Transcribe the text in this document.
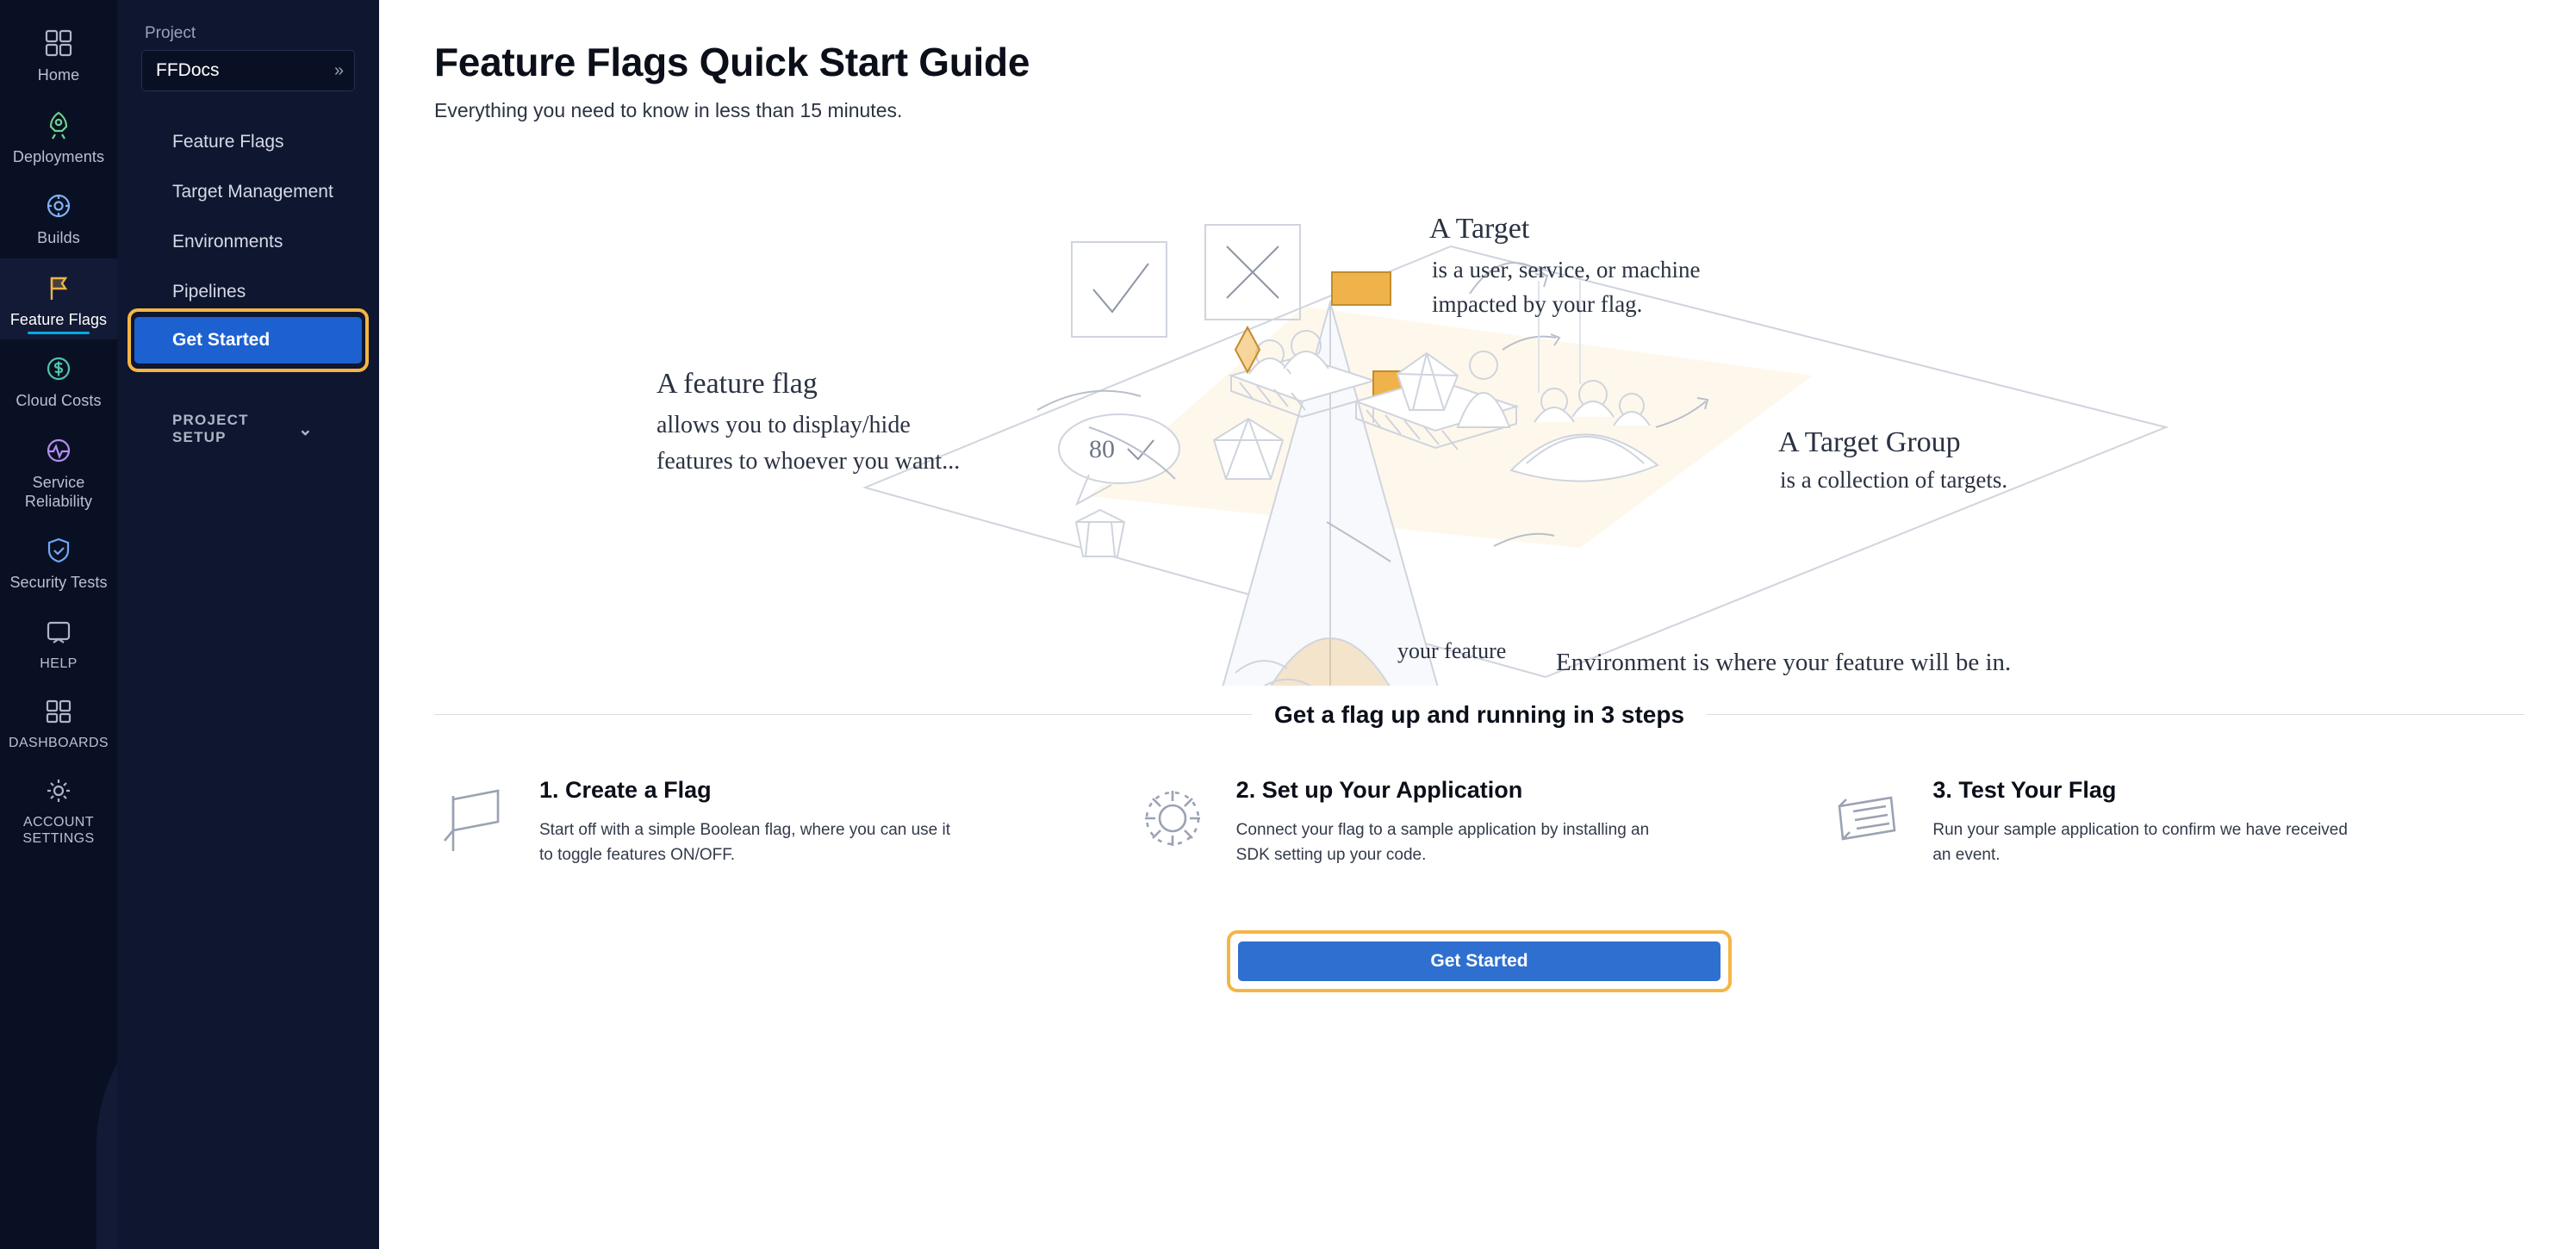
Home
Deployments
Builds
Feature Flags
Cloud Costs
Service Reliability
Security Tests
HELP
DASHBOARDS
ACCOUNT SETTINGS
Project
FFDocs	»
Feature Flags
Target Management
Environments
Pipelines
Get Started
PROJECT SETUP	⌄
Feature Flags Quick Start Guide
Everything you need to know in less than 15 minutes.
80
A feature flag
allows you to display/hide
features to whoever you want...
your feature
A Target
is a user, service, or machine
impacted by your flag.
A Target Group
is a collection of targets.
Environment is where your feature will be in.
Get a flag up and running in 3 steps
1. Create a Flag

Start off with a simple Boolean flag, where you can use it to toggle features ON/OFF.

2. Set up Your Application

Connect your flag to a sample application by installing an SDK setting up your code.

3. Test Your Flag

Run your sample application to confirm we have received an event.

Get Started
